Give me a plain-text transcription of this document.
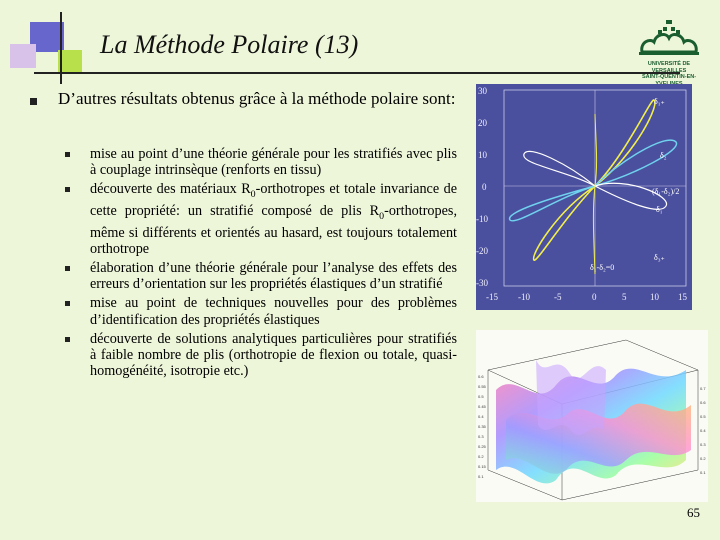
La Méthode Polaire (13)
UNIVERSITÉ DE VERSAILLES
SAINT-QUENTIN-EN-
D’autres résultats obtenus grâce à la méthode polaire sont:
mise au point d’une théorie générale pour les stratifiés avec plis à couplage intrinsèque (renforts en tissu)
découverte des matériaux $R_0$-orthotropes et totale invariance de cette propriété: un stratifié composé de plis $R_0$-orthotropes, même si différents et orientés au hasard, est toujours totalement orthotrope
élaboration d’une théorie générale pour l’analyse des effets des erreurs d’orientation sur les propriétés élastiques d’un stratifié
mise au point de techniques nouvelles pour des problèmes d’identification des propriétés élastiques
découverte de solutions analytiques particulières pour stratifiés à faible nombre de plis (orthotropie de flexion ou totale, quasi-homogénéité, isotropie etc.)
30
20
10
0
-10
-20
-30
-15 -10	-5	0	5	10 15
δ₁₊
δ₂
(δ₁-δ₂)/2
δ₁
δ₁-δ₂=0
δ₃₊
0.6
0.55
0.5
0.45
0.4
0.35
0.3
0.25
0.2
0.15
0.1
0.7
0.6
0.5
0.4
0.3
0.2
0.1
65
